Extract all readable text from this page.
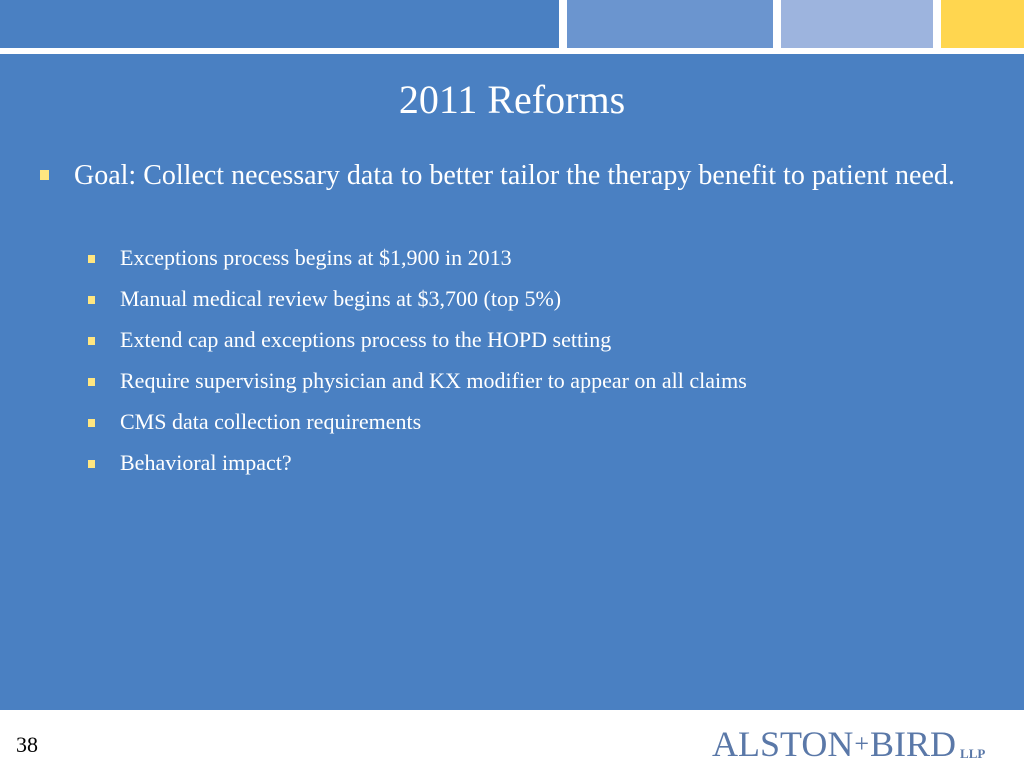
2011 Reforms
Goal: Collect necessary data to better tailor the therapy benefit to patient need.
Exceptions process begins at $1,900 in 2013
Manual medical review begins at $3,700 (top 5%)
Extend cap and exceptions process to the HOPD setting
Require supervising physician and KX modifier to appear on all claims
CMS data collection requirements
Behavioral impact?
38	ALSTON+BIRD LLP
